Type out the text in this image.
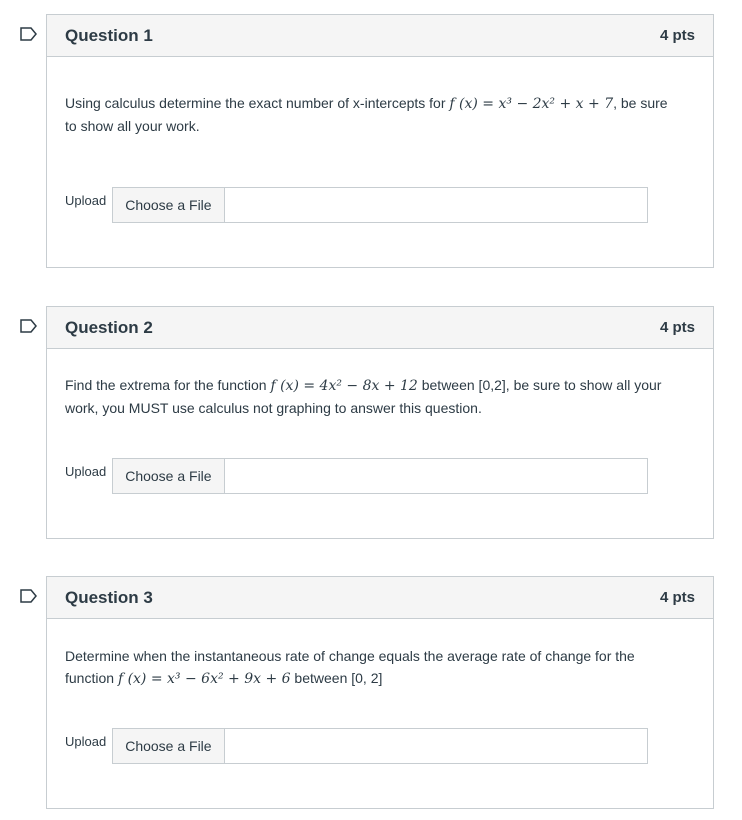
Question 1	4 pts
Using calculus determine the exact number of x-intercepts for f (x) = x³ − 2x² + x + 7, be sure to show all your work.
Upload	Choose a File
Question 2	4 pts
Find the extrema for the function f (x) = 4x² − 8x + 12 between [0,2], be sure to show all your work, you MUST use calculus not graphing to answer this question.
Upload	Choose a File
Question 3	4 pts
Determine when the instantaneous rate of change equals the average rate of change for the function f (x) = x³ − 6x² + 9x + 6 between [0, 2]
Upload	Choose a File
